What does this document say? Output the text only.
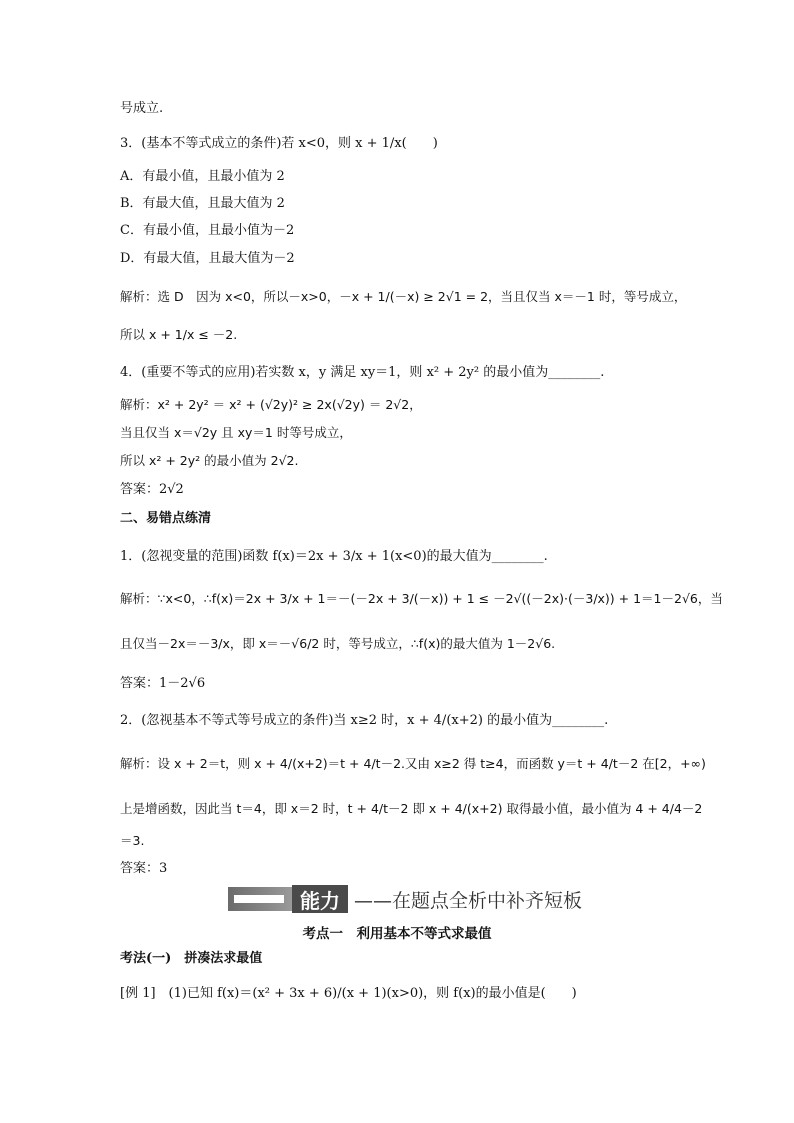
号成立.
3．(基本不等式成立的条件)若 x<0，则 x + 1/x(　　)
A．有最小值，且最小值为 2
B．有最大值，且最大值为 2
C．有最小值，且最小值为－2
D．有最大值，且最大值为－2
解析：选 D　因为 x<0，所以－x>0，－x + 1/(－x) ≥ 2√1 = 2，当且仅当 x＝－1 时，等号成立，
所以 x + 1/x ≤ －2.
4．(重要不等式的应用)若实数 x，y 满足 xy＝1，则 x² + 2y² 的最小值为________.
解析：x² + 2y² ＝ x² + (√2y)² ≥ 2x(√2y) ＝ 2√2，
当且仅当 x＝√2y 且 xy＝1 时等号成立，
所以 x² + 2y² 的最小值为 2√2.
答案：2√2
二、易错点练清
1．(忽视变量的范围)函数 f(x)＝2x + 3/x + 1(x<0)的最大值为________.
解析：∵x<0，∴f(x)＝2x + 3/x + 1＝－(－2x + 3/(－x)) + 1 ≤ －2√((－2x)·(－3/x)) + 1＝1－2√6，当
且仅当－2x＝－3/x，即 x＝－√6/2 时，等号成立，∴f(x)的最大值为 1－2√6.
答案：1－2√6
2．(忽视基本不等式等号成立的条件)当 x≥2 时，x + 4/(x+2) 的最小值为________.
解析：设 x + 2＝t，则 x + 4/(x+2)＝t + 4/t－2.又由 x≥2 得 t≥4，而函数 y＝t + 4/t－2 在[2，+∞)
上是增函数，因此当 t＝4，即 x＝2 时，t + 4/t－2 即 x + 4/(x+2) 取得最小值，最小值为 4 + 4/4－2
＝3.
答案：3
能力 ——在题点全析中补齐短板
考点一　利用基本不等式求最值
考法(一)　拼凑法求最值
[例 1]　(1)已知 f(x)＝(x² + 3x + 6)/(x + 1)(x>0)，则 f(x)的最小值是(　　)
